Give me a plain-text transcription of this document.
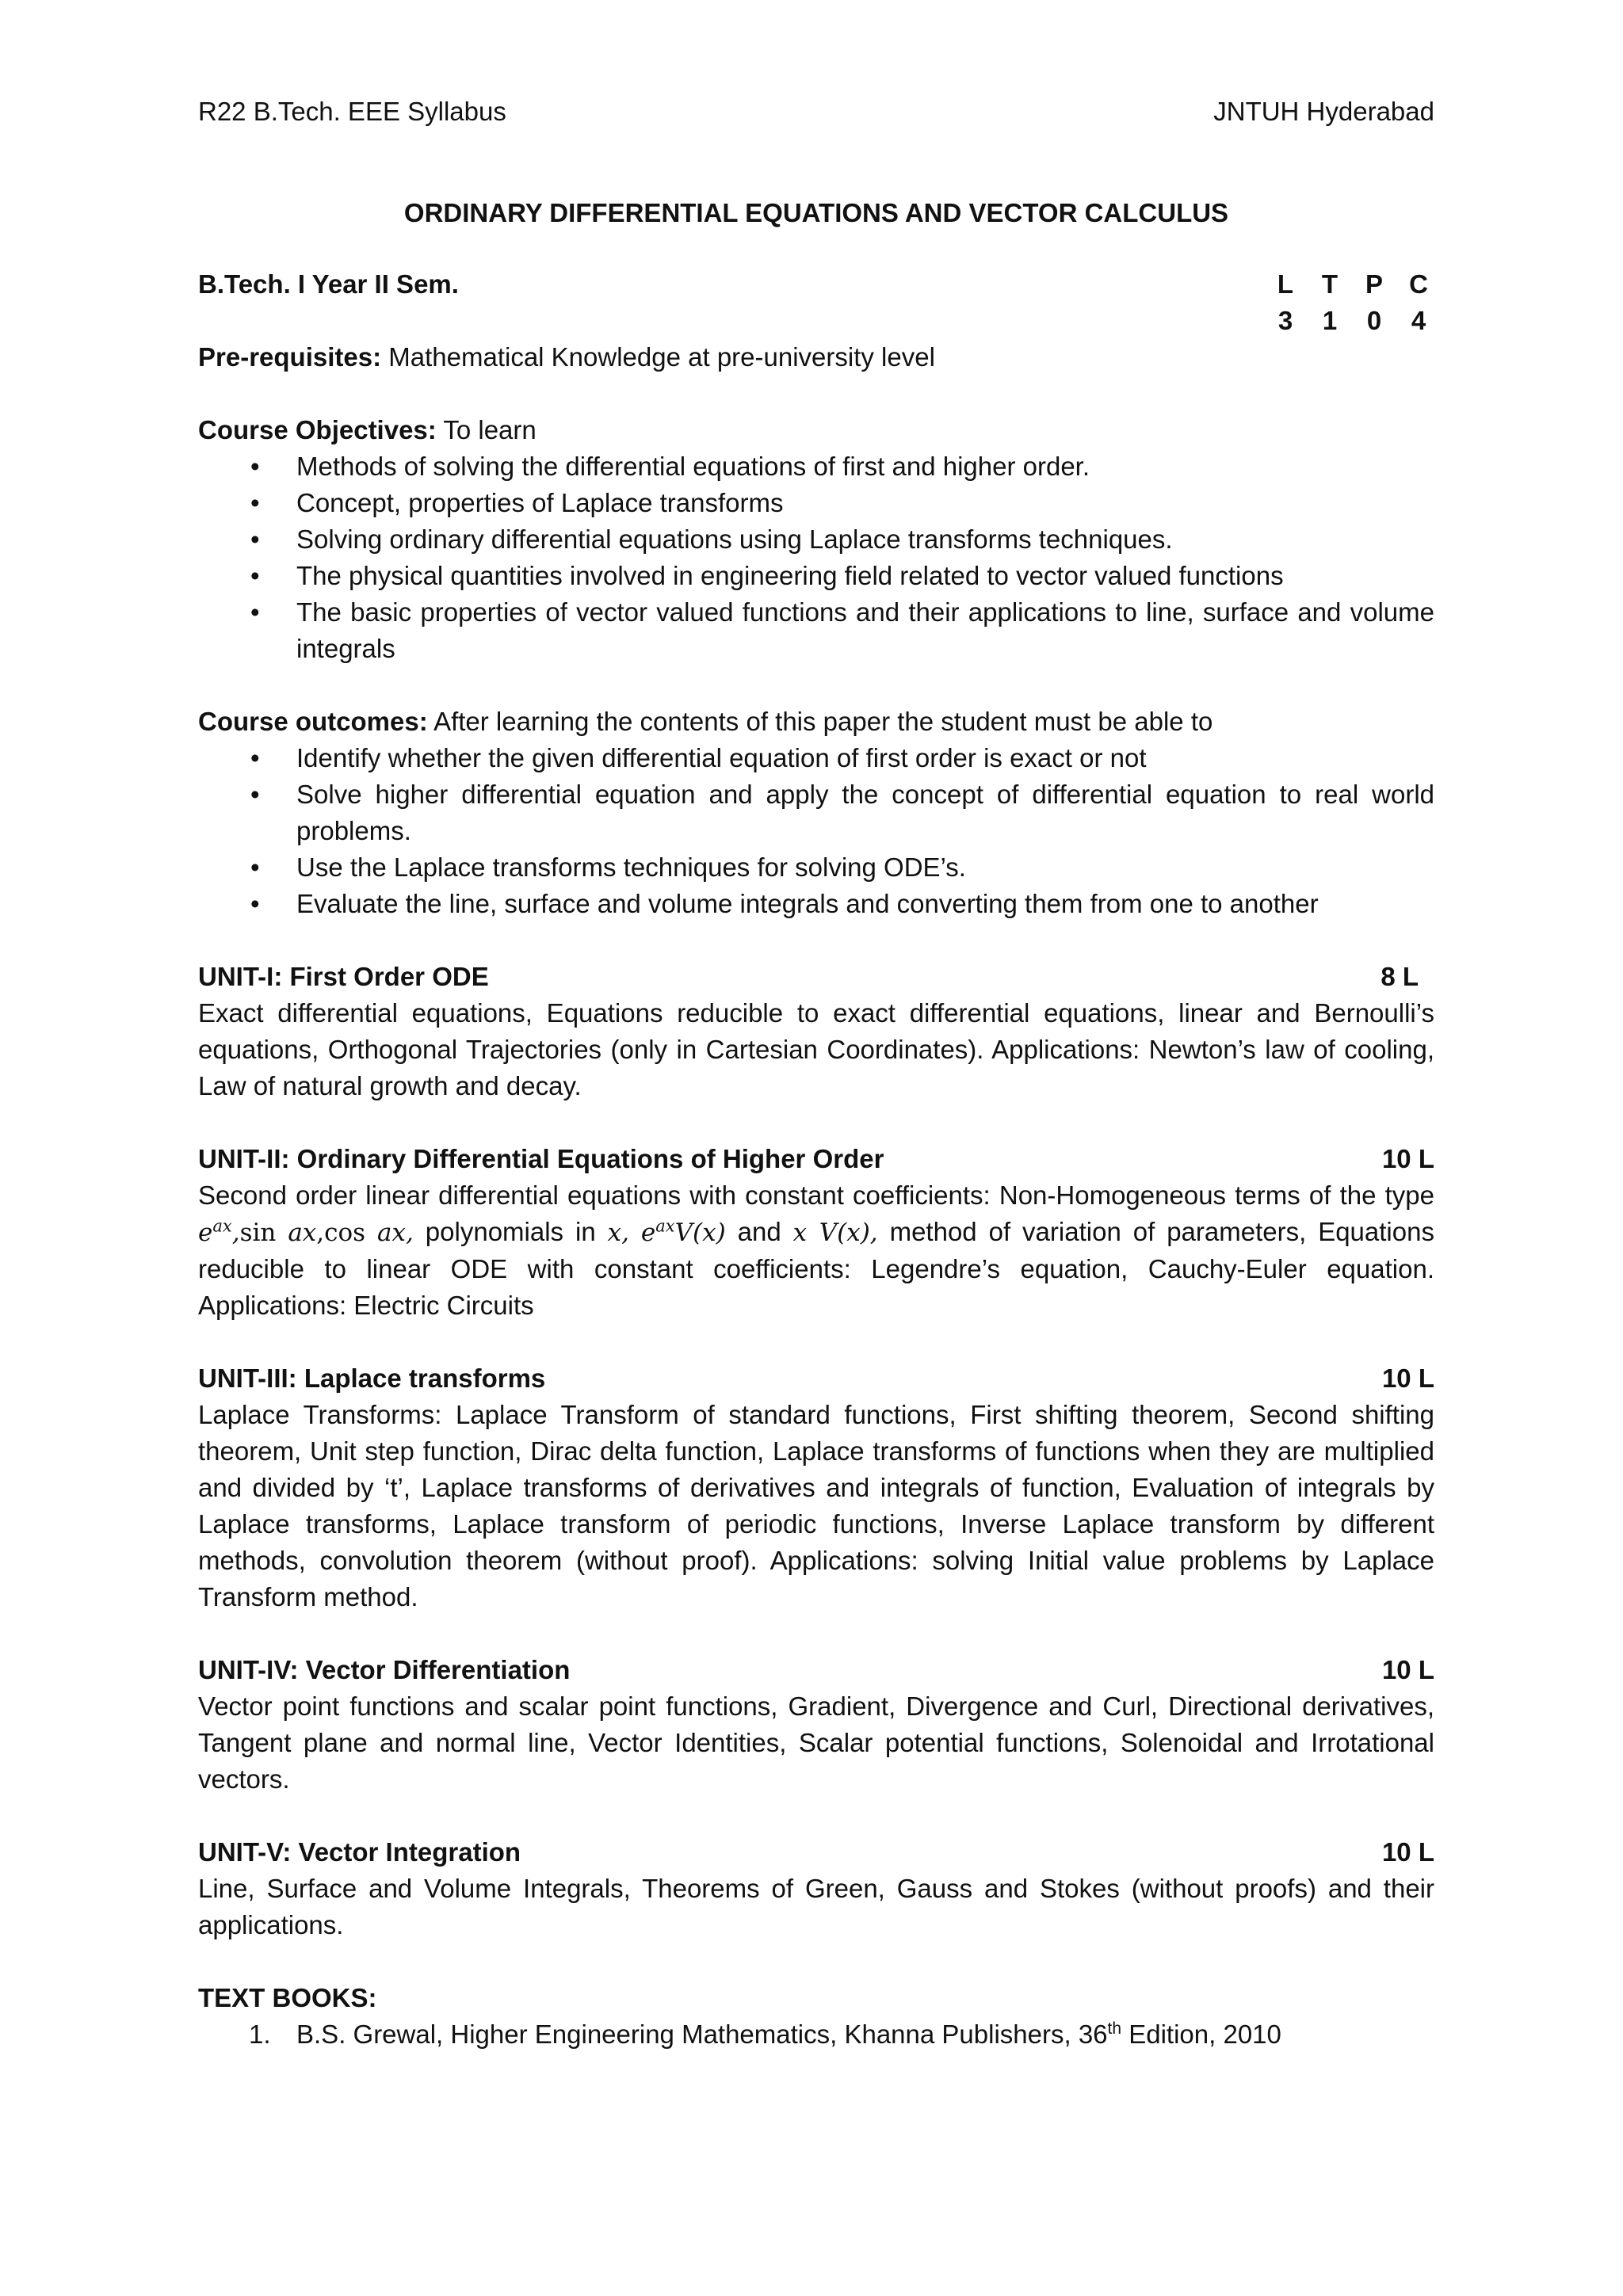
R22 B.Tech. EEE Syllabus	JNTUH Hyderabad
ORDINARY DIFFERENTIAL EQUATIONS AND VECTOR CALCULUS
B.Tech. I Year II Sem.	L	T	P	C
3	1	0	4
Pre-requisites: Mathematical Knowledge at pre-university level
Course Objectives: To learn
• Methods of solving the differential equations of first and higher order.
• Concept, properties of Laplace transforms
• Solving ordinary differential equations using Laplace transforms techniques.
• The physical quantities involved in engineering field related to vector valued functions
• The basic properties of vector valued functions and their applications to line, surface and volume integrals
Course outcomes: After learning the contents of this paper the student must be able to
• Identify whether the given differential equation of first order is exact or not
• Solve higher differential equation and apply the concept of differential equation to real world problems.
• Use the Laplace transforms techniques for solving ODE’s.
• Evaluate the line, surface and volume integrals and converting them from one to another
UNIT-I: First Order ODE	8 L
Exact differential equations, Equations reducible to exact differential equations, linear and Bernoulli’s equations, Orthogonal Trajectories (only in Cartesian Coordinates). Applications: Newton’s law of cooling, Law of natural growth and decay.
UNIT-II: Ordinary Differential Equations of Higher Order	10 L
Second order linear differential equations with constant coefficients: Non-Homogeneous terms of the type $e^{ax},\sin$ ax,cos ax, polynomials in x, $e^{ax}V(x)$ and x V(x), method of variation of parameters, Equations reducible to linear ODE with constant coefficients: Legendre’s equation, Cauchy-Euler equation. Applications: Electric Circuits
UNIT-III: Laplace transforms	10 L
Laplace Transforms: Laplace Transform of standard functions, First shifting theorem, Second shifting theorem, Unit step function, Dirac delta function, Laplace transforms of functions when they are multiplied and divided by ‘t’, Laplace transforms of derivatives and integrals of function, Evaluation of integrals by Laplace transforms, Laplace transform of periodic functions, Inverse Laplace transform by different methods, convolution theorem (without proof). Applications: solving Initial value problems by Laplace Transform method.
UNIT-IV: Vector Differentiation	10 L
Vector point functions and scalar point functions, Gradient, Divergence and Curl, Directional derivatives, Tangent plane and normal line, Vector Identities, Scalar potential functions, Solenoidal and Irrotational vectors.
UNIT-V: Vector Integration	10 L
Line, Surface and Volume Integrals, Theorems of Green, Gauss and Stokes (without proofs) and their applications.
TEXT BOOKS:
1. B.S. Grewal, Higher Engineering Mathematics, Khanna Publishers, 36th Edition, 2010
